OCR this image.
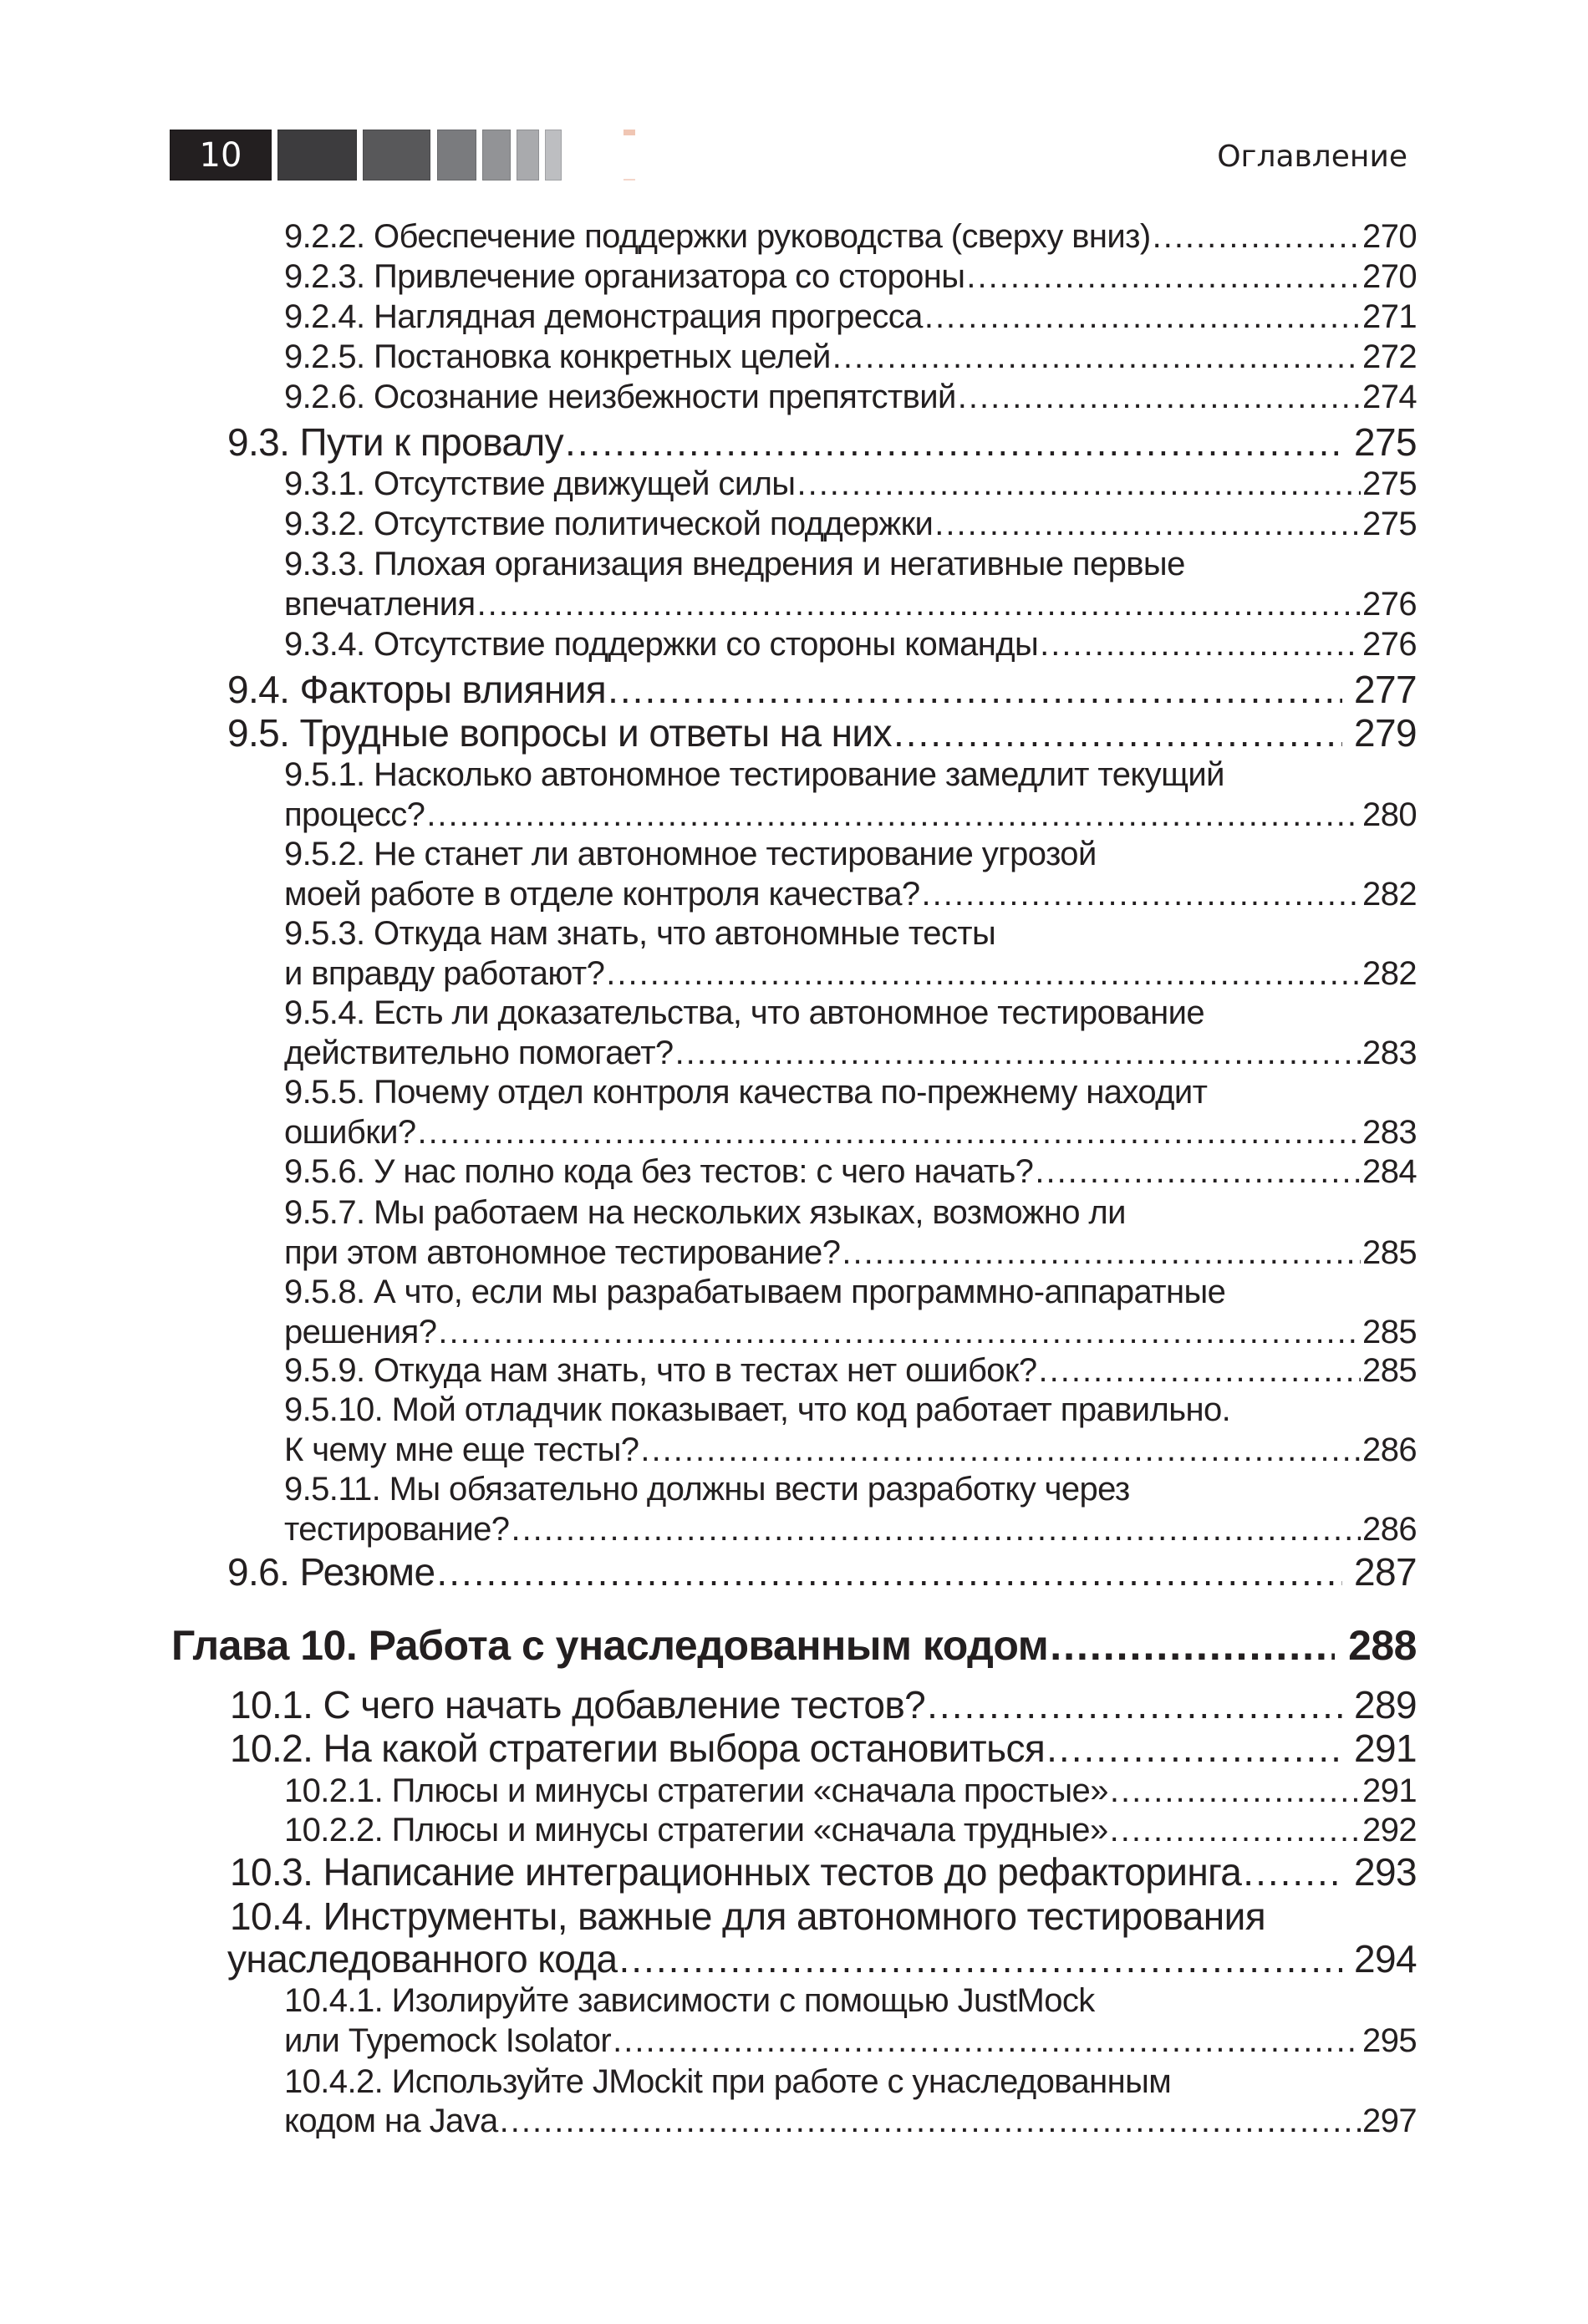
10	Оглавление
9.2.2. Обеспечение поддержки руководства (сверху вниз) .....	270
9.2.3. Привлечение организатора со стороны .....	270
9.2.4. Наглядная демонстрация прогресса .....	271
9.2.5. Постановка конкретных целей .....	272
9.2.6. Осознание неизбежности препятствий .....	274
9.3. Пути к провалу .....	275
9.3.1. Отсутствие движущей силы .....	275
9.3.2. Отсутствие политической поддержки .....	275
9.3.3. Плохая организация внедрения и негативные первые
впечатления .....	276
9.3.4. Отсутствие поддержки со стороны команды .....	276
9.4. Факторы влияния .....	277
9.5. Трудные вопросы и ответы на них .....	279
9.5.1. Насколько автономное тестирование замедлит текущий
процесс? .....	280
9.5.2. Не станет ли автономное тестирование угрозой
моей работе в отделе контроля качества? .....	282
9.5.3. Откуда нам знать, что автономные тесты
и вправду работают? .....	282
9.5.4. Есть ли доказательства, что автономное тестирование
действительно помогает? .....	283
9.5.5. Почему отдел контроля качества по-прежнему находит
ошибки? .....	283
9.5.6. У нас полно кода без тестов: с чего начать? .....	284
9.5.7. Мы работаем на нескольких языках, возможно ли
при этом автономное тестирование? .....	285
9.5.8. А что, если мы разрабатываем программно-аппаратные
решения? .....	285
9.5.9. Откуда нам знать, что в тестах нет ошибок? .....	285
9.5.10. Мой отладчик показывает, что код работает правильно.
К чему мне еще тесты? .....	286
9.5.11. Мы обязательно должны вести разработку через
тестирование? .....	286
9.6. Резюме .....	287
Глава 10. Работа с унаследованным кодом .....	288
10.1. С чего начать добавление тестов? .....	289
10.2. На какой стратегии выбора остановиться .....	291
10.2.1. Плюсы и минусы стратегии «сначала простые» .....	291
10.2.2. Плюсы и минусы стратегии «сначала трудные» .....	292
10.3. Написание интеграционных тестов до рефакторинга .....	293
10.4. Инструменты, важные для автономного тестирования
унаследованного кода .....	294
10.4.1. Изолируйте зависимости с помощью JustMock
или Typemock Isolator .....	295
10.4.2. Используйте JMockit при работе с унаследованным
кодом на Java .....	297
